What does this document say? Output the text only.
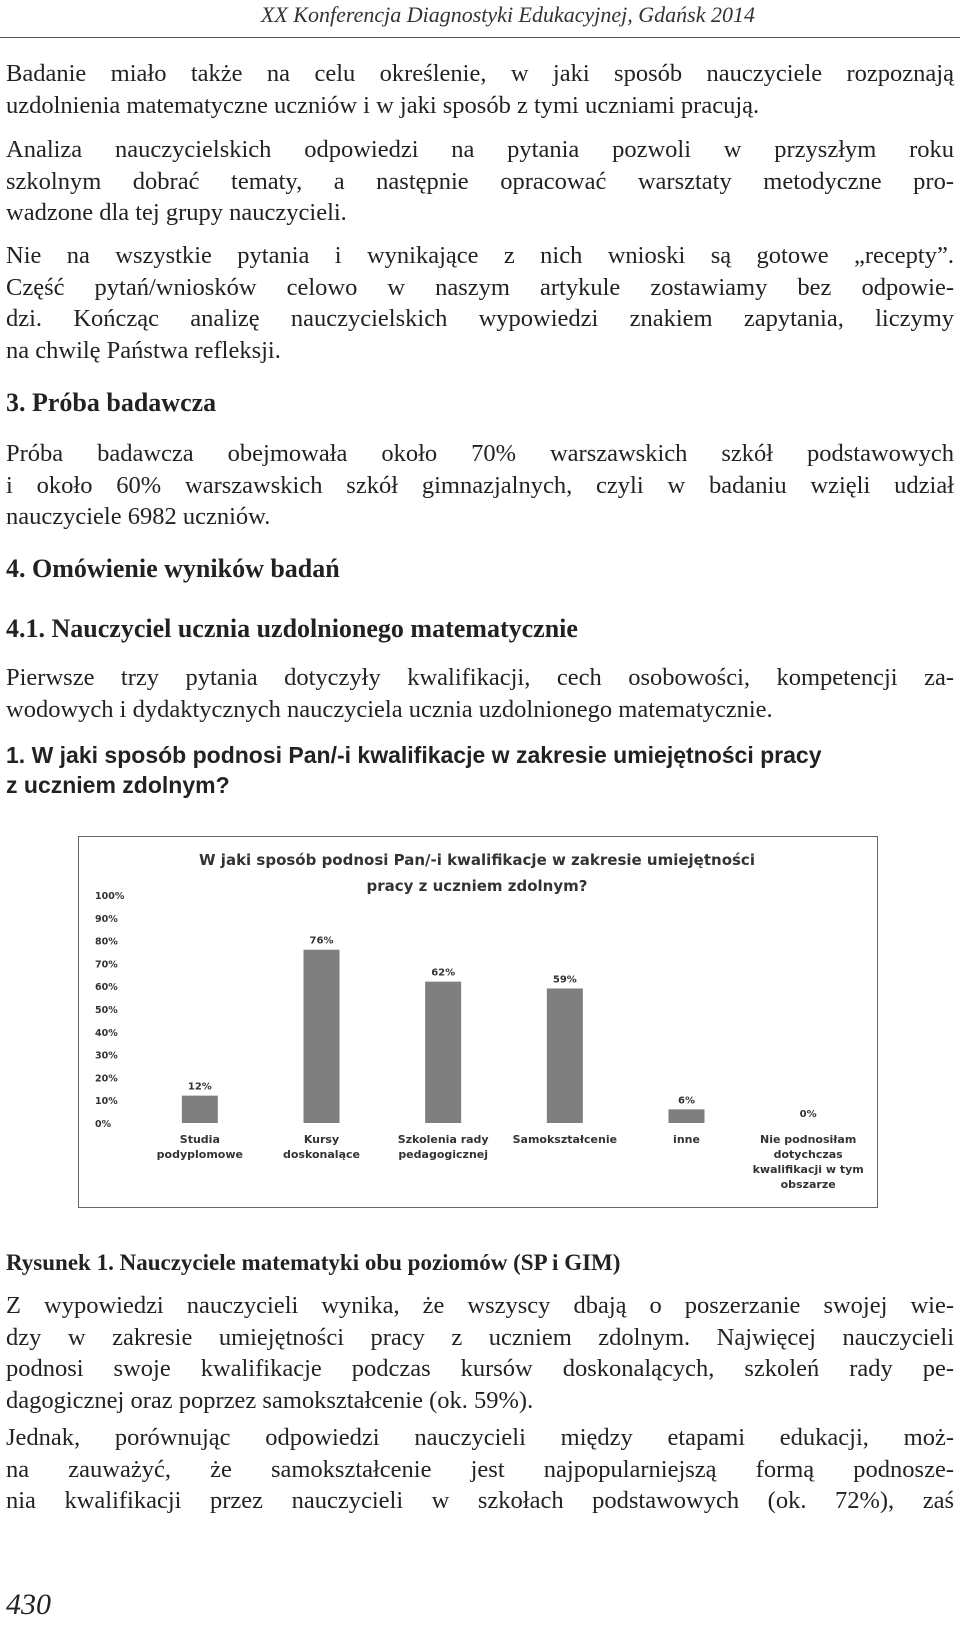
XX Konferencja Diagnostyki Edukacyjnej, Gdańsk 2014
Badanie miało także na celu określenie, w jaki sposób nauczyciele rozpoznają
uzdolnienia matematyczne uczniów i w jaki sposób z tymi uczniami pracują.
Analiza nauczycielskich odpowiedzi na pytania pozwoli w przyszłym roku
szkolnym dobrać tematy, a następnie opracować warsztaty metodyczne pro-
wadzone dla tej grupy nauczycieli.
Nie na wszystkie pytania i wynikające z nich wnioski są gotowe „recepty”.
Część pytań/wniosków celowo w naszym artykule zostawiamy bez odpowie-
dzi. Kończąc analizę nauczycielskich wypowiedzi znakiem zapytania, liczymy
na chwilę Państwa refleksji.
3. Próba badawcza
Próba badawcza obejmowała około 70% warszawskich szkół podstawowych
i około 60% warszawskich szkół gimnazjalnych, czyli w badaniu wzięli udział
nauczyciele 6982 uczniów.
4. Omówienie wyników badań
4.1. Nauczyciel ucznia uzdolnionego matematycznie
Pierwsze trzy pytania dotyczyły kwalifikacji, cech osobowości, kompetencji za-
wodowych i dydaktycznych nauczyciela ucznia uzdolnionego matematycznie.
1. W jaki sposób podnosi Pan/-i kwalifikacje w zakresie umiejętności pracy
z uczniem zdolnym?
W jaki sposób podnosi Pan/-i kwalifikacje w zakresie umiejętności
pracy z uczniem zdolnym?
0%
10%
20%
30%
40%
50%
60%
70%
80%
90%
100%
12%
76%
62%
59%
6%
0%
Studia
podyplomowe
Kursy
doskonalące
Szkolenia rady
pedagogicznej
Samokształcenie	inne	Nie podnosiłam
dotychczas
kwalifikacji w tym
obszarze
Rysunek 1. Nauczyciele matematyki obu poziomów (SP i GIM)
Z wypowiedzi nauczycieli wynika, że wszyscy dbają o poszerzanie swojej wie-
dzy w zakresie umiejętności pracy z uczniem zdolnym. Najwięcej nauczycieli
podnosi swoje kwalifikacje podczas kursów doskonalących, szkoleń rady pe-
dagogicznej oraz poprzez samokształcenie (ok. 59%).
Jednak, porównując odpowiedzi nauczycieli między etapami edukacji, moż-
na zauważyć, że samokształcenie jest najpopularniejszą formą podnosze-
nia kwalifikacji przez nauczycieli w szkołach podstawowych (ok. 72%), zaś
430
